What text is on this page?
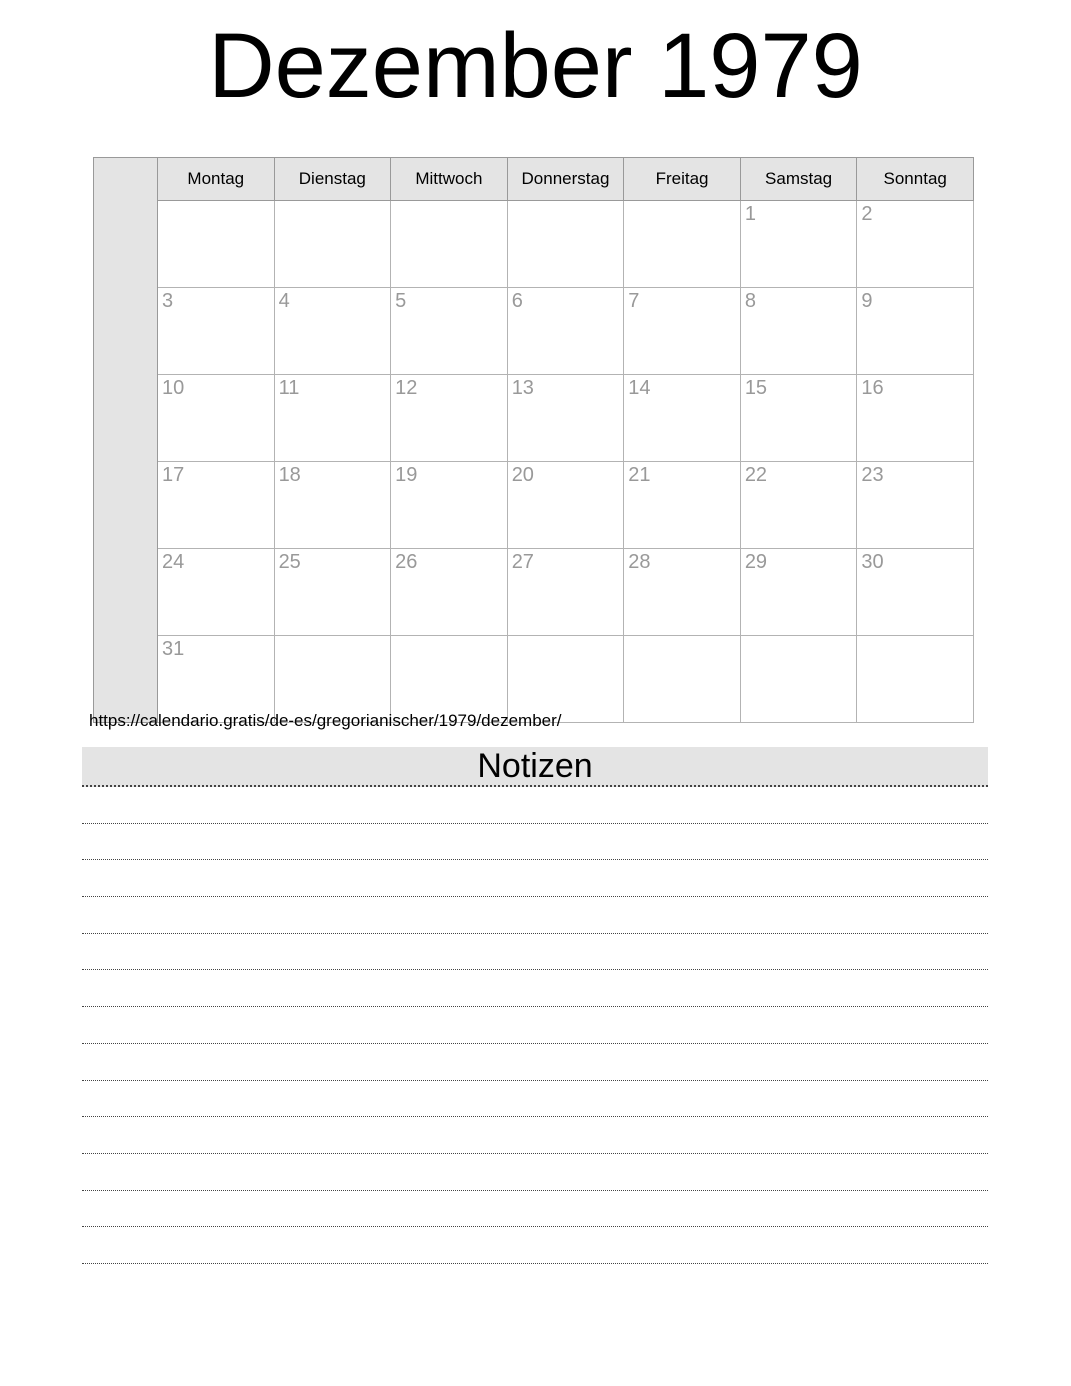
Dezember 1979
	Montag	Dienstag	Mittwoch	Donnerstag	Freitag	Samstag	Sonntag
						1	2
	3	4	5	6	7	8	9
	10	11	12	13	14	15	16
	17	18	19	20	21	22	23
	24	25	26	27	28	29	30
	31						
https://calendario.gratis/de-es/gregorianischer/1979/dezember/
Notizen
